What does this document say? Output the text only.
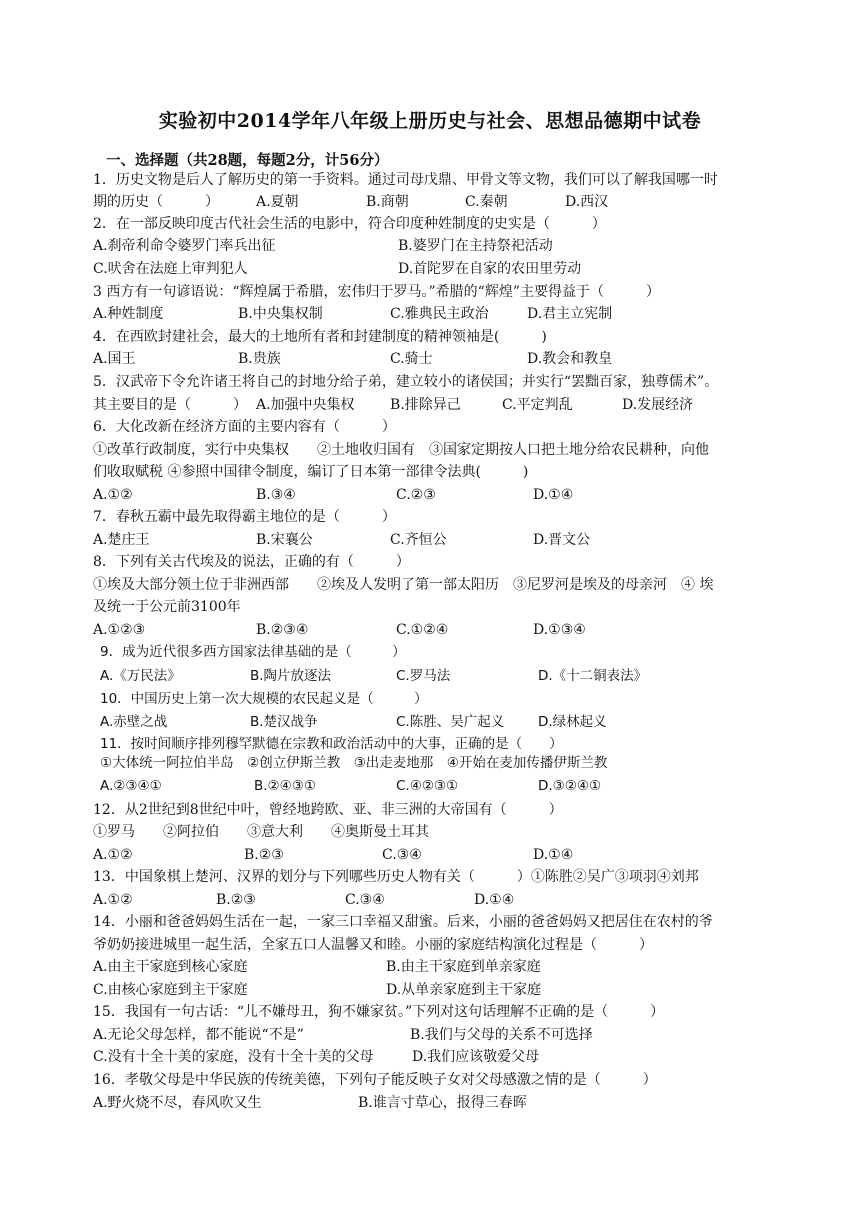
实验初中2014学年八年级上册历史与社会、思想品德期中试卷
一、选择题（共28题，每题2分，计56分）
1．历史文物是后人了解历史的第一手资料。通过司母戊鼎、甲骨文等文物，我们可以了解我国哪一时
期的历史（　　　）	A.夏朝	B.商朝	C.秦朝	D.西汉
2．在一部反映印度古代社会生活的电影中，符合印度种姓制度的史实是（　　　）
A.刹帝利命令婆罗门率兵出征	B.婆罗门在主持祭祀活动
C.吠舍在法庭上审判犯人	D.首陀罗在自家的农田里劳动
3 西方有一句谚语说：“辉煌属于希腊，宏伟归于罗马。”希腊的“辉煌”主要得益于（　　　）
A.种姓制度	B.中央集权制	C.雅典民主政治	D.君主立宪制
4．在西欧封建社会，最大的土地所有者和封建制度的精神领袖是(　　　)
A.国王	B.贵族	C.骑士	D.教会和教皇
5．汉武帝下令允许诸王将自己的封地分给子弟，建立较小的诸侯国；并实行“罢黜百家，独尊儒术”。
其主要目的是（　　　） A.加强中央集权	B.排除异己	C.平定判乱	D.发展经济
6．大化改新在经济方面的主要内容有（　　　）
①改革行政制度，实行中央集权　　②土地收归国有　③国家定期按人口把土地分给农民耕种，向他
们收取赋税 ④参照中国律令制度，编订了日本第一部律令法典(　　　)
A.①②	B.③④	C.②③	D.①④
7．春秋五霸中最先取得霸主地位的是（　　　）
A.楚庄王	B.宋襄公	C.齐恒公	D.晋文公
8．下列有关古代埃及的说法，正确的有（　　　）
①埃及大部分领土位于非洲西部　　②埃及人发明了第一部太阳历　③尼罗河是埃及的母亲河　④ 埃
及统一于公元前3100年
A.①②③	B.②③④	C.①②④	D.①③④
9．成为近代很多西方国家法律基础的是（　　　）
A.《万民法》	B.陶片放逐法	C.罗马法	D.《十二铜表法》
10．中国历史上第一次大规模的农民起义是（　　　）
A.赤壁之战	B.楚汉战争	C.陈胜、吴广起义	D.绿林起义
11．按时间顺序排列穆罕默德在宗教和政治活动中的大事，正确的是（　　）
①大体统一阿拉伯半岛　②创立伊斯兰教　③出走麦地那　④开始在麦加传播伊斯兰教
A.②③④①	B.②④③①	C.④②③①	D.③②④①
12．从2世纪到8世纪中叶，曾经地跨欧、亚、非三洲的大帝国有（　　　）
①罗马　　②阿拉伯　　③意大利　　④奥斯曼土耳其
A.①②	B.②③	C.③④	D.①④
13．中国象棋上楚河、汉界的划分与下列哪些历史人物有关（　　　）①陈胜②吴广③项羽④刘邦
A.①②	B.②③	C.③④	D.①④
14．小丽和爸爸妈妈生活在一起，一家三口幸福又甜蜜。后来，小丽的爸爸妈妈又把居住在农村的爷
爷奶奶接进城里一起生活，全家五口人温馨又和睦。小丽的家庭结构演化过程是（　　　）
A.由主干家庭到核心家庭	B.由主干家庭到单亲家庭
C.由核心家庭到主干家庭	D.从单亲家庭到主干家庭
15．我国有一句古话：“儿不嫌母丑，狗不嫌家贫。”下列对这句话理解不正确的是（　　　）
A.无论父母怎样，都不能说“不是”	B.我们与父母的关系不可选择
C.没有十全十美的家庭，没有十全十美的父母	D.我们应该敬爱父母
16．孝敬父母是中华民族的传统美德，下列句子能反映子女对父母感激之情的是（　　　）
A.野火烧不尽，春风吹又生	B.谁言寸草心，报得三春晖
